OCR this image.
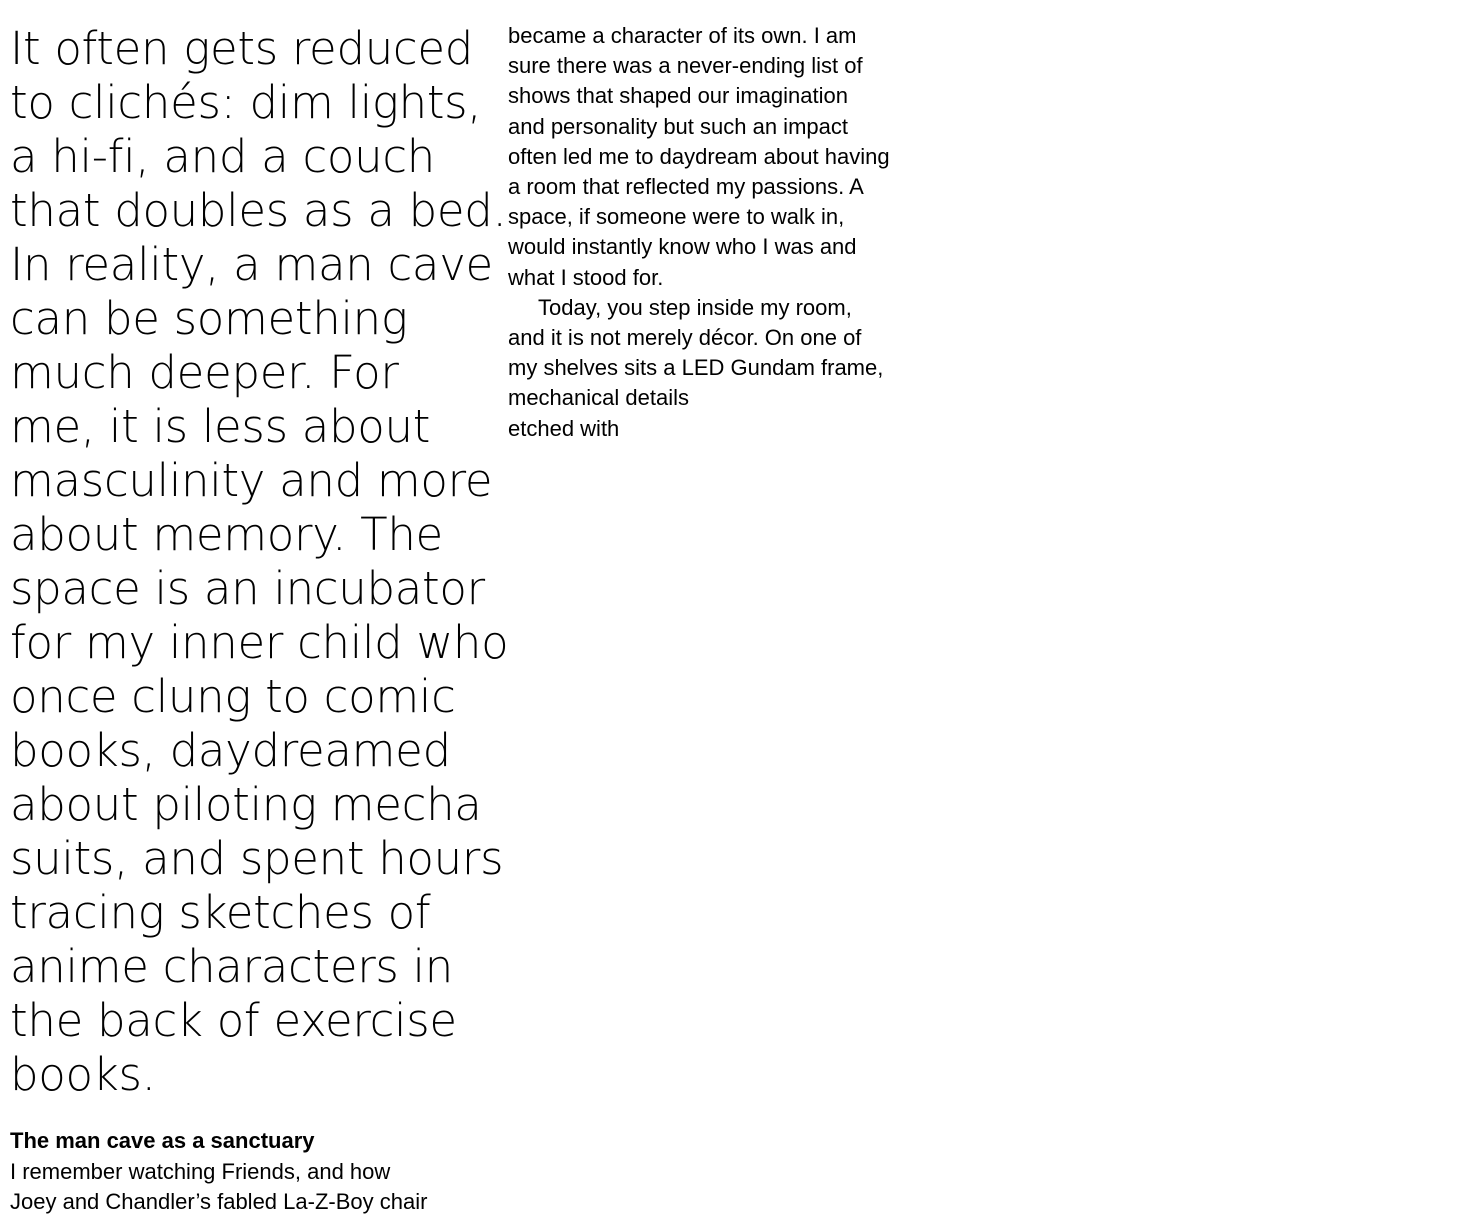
It often gets reduced
to clichés: dim lights,
a hi-fi, and a couch
that doubles as a bed.
In reality, a man cave
can be something
much deeper. For
me, it is less about
masculinity and more
about memory. The
space is an incubator
for my inner child who
once clung to comic
books, daydreamed
about piloting mecha
suits, and spent hours
tracing sketches of
anime characters in
the back of exercise
books.

The man cave as a sanctuary
I remember watching Friends, and how
Joey and Chandler’s fabled La-Z-Boy chair
became a character of its own. I am
sure there was a never-ending list of
shows that shaped our imagination
and personality but such an impact
often led me to daydream about having
a room that reflected my passions. A
space, if someone were to walk in,
would instantly know who I was and
what I stood for.
Today, you step inside my room,
and it is not merely décor. On one of
my shelves sits a LED Gundam frame,
mechanical details
etched with
